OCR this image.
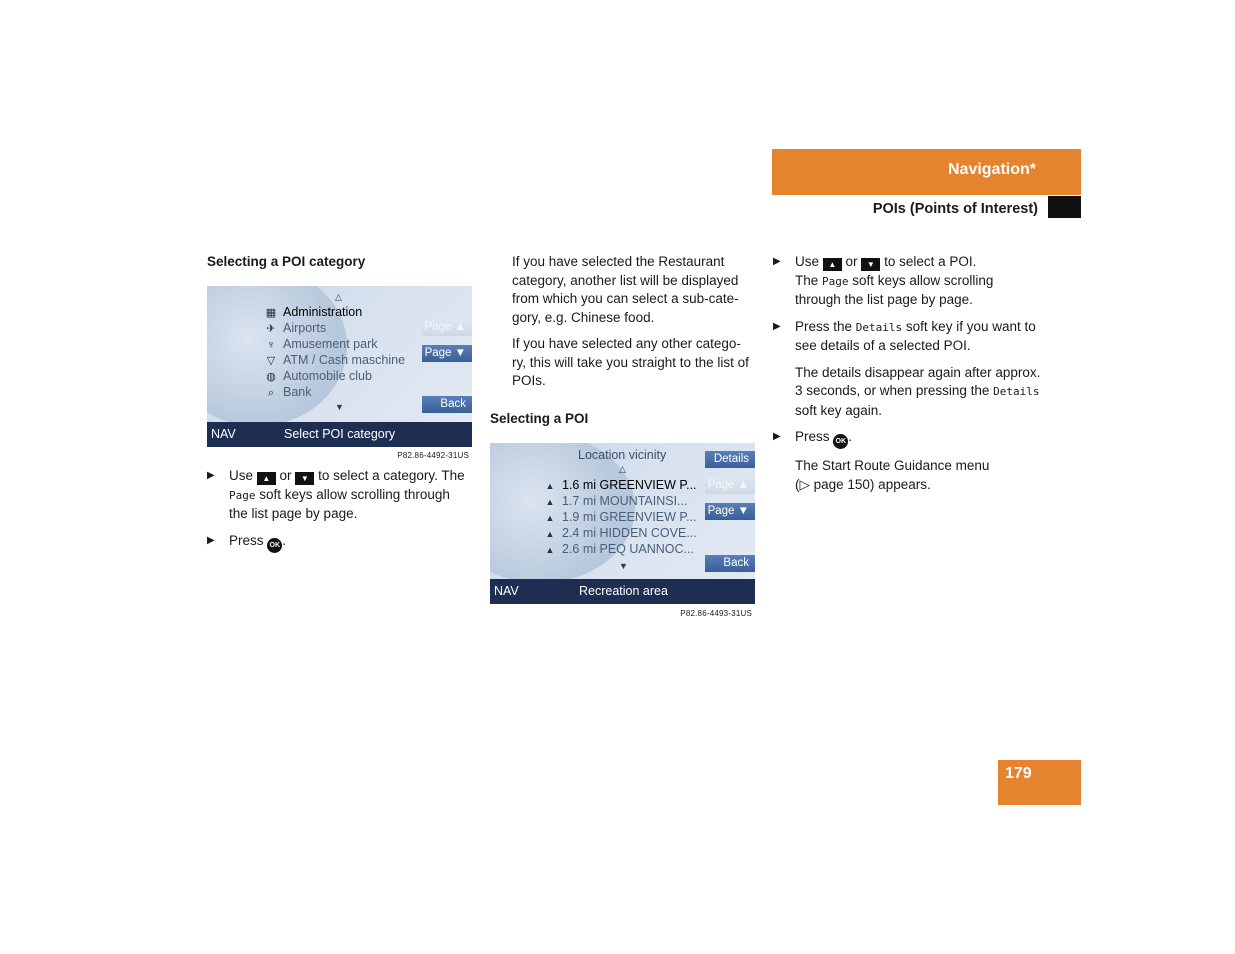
Navigation*
POIs (Points of Interest)
Selecting a POI category
△
▦ Administration
✈ Airports
♆ Amusement park
▽ ATM / Cash maschine
◍ Automobile club
⌕ Bank
Page ▲
Page ▼
Back
▼
NAV	Select POI category
P82.86-4492-31US
▶ Use ▲ or ▼ to select a category. The Page soft keys allow scrolling through the list page by page.
▶ Press OK .

If you have selected the Restaurant category, another list will be displayed from which you can select a sub-cate-gory, e.g. Chinese food.

If you have selected any other catego-ry, this will take you straight to the list of POIs.

Selecting a POI
Location vicinity
△
▲ 1.6 mi GREENVIEW P...
▲ 1.7 mi MOUNTAINSI...
▲ 1.9 mi GREENVIEW P...
▲ 2.4 mi HIDDEN COVE...
▲ 2.6 mi PEQ UANNOC...
Details
Page ▲
Page ▼
Back
▼
NAV	Recreation area
P82.86-4493-31US
▶ Use ▲ or ▼ to select a POI.
The Page soft keys allow scrolling through the list page by page.
▶ Press the Details soft key if you want to see details of a selected POI.
The details disappear again after approx. 3 seconds, or when pressing the Details soft key again.
▶ Press OK .
The Start Route Guidance menu (▷ page 150) appears.
179
